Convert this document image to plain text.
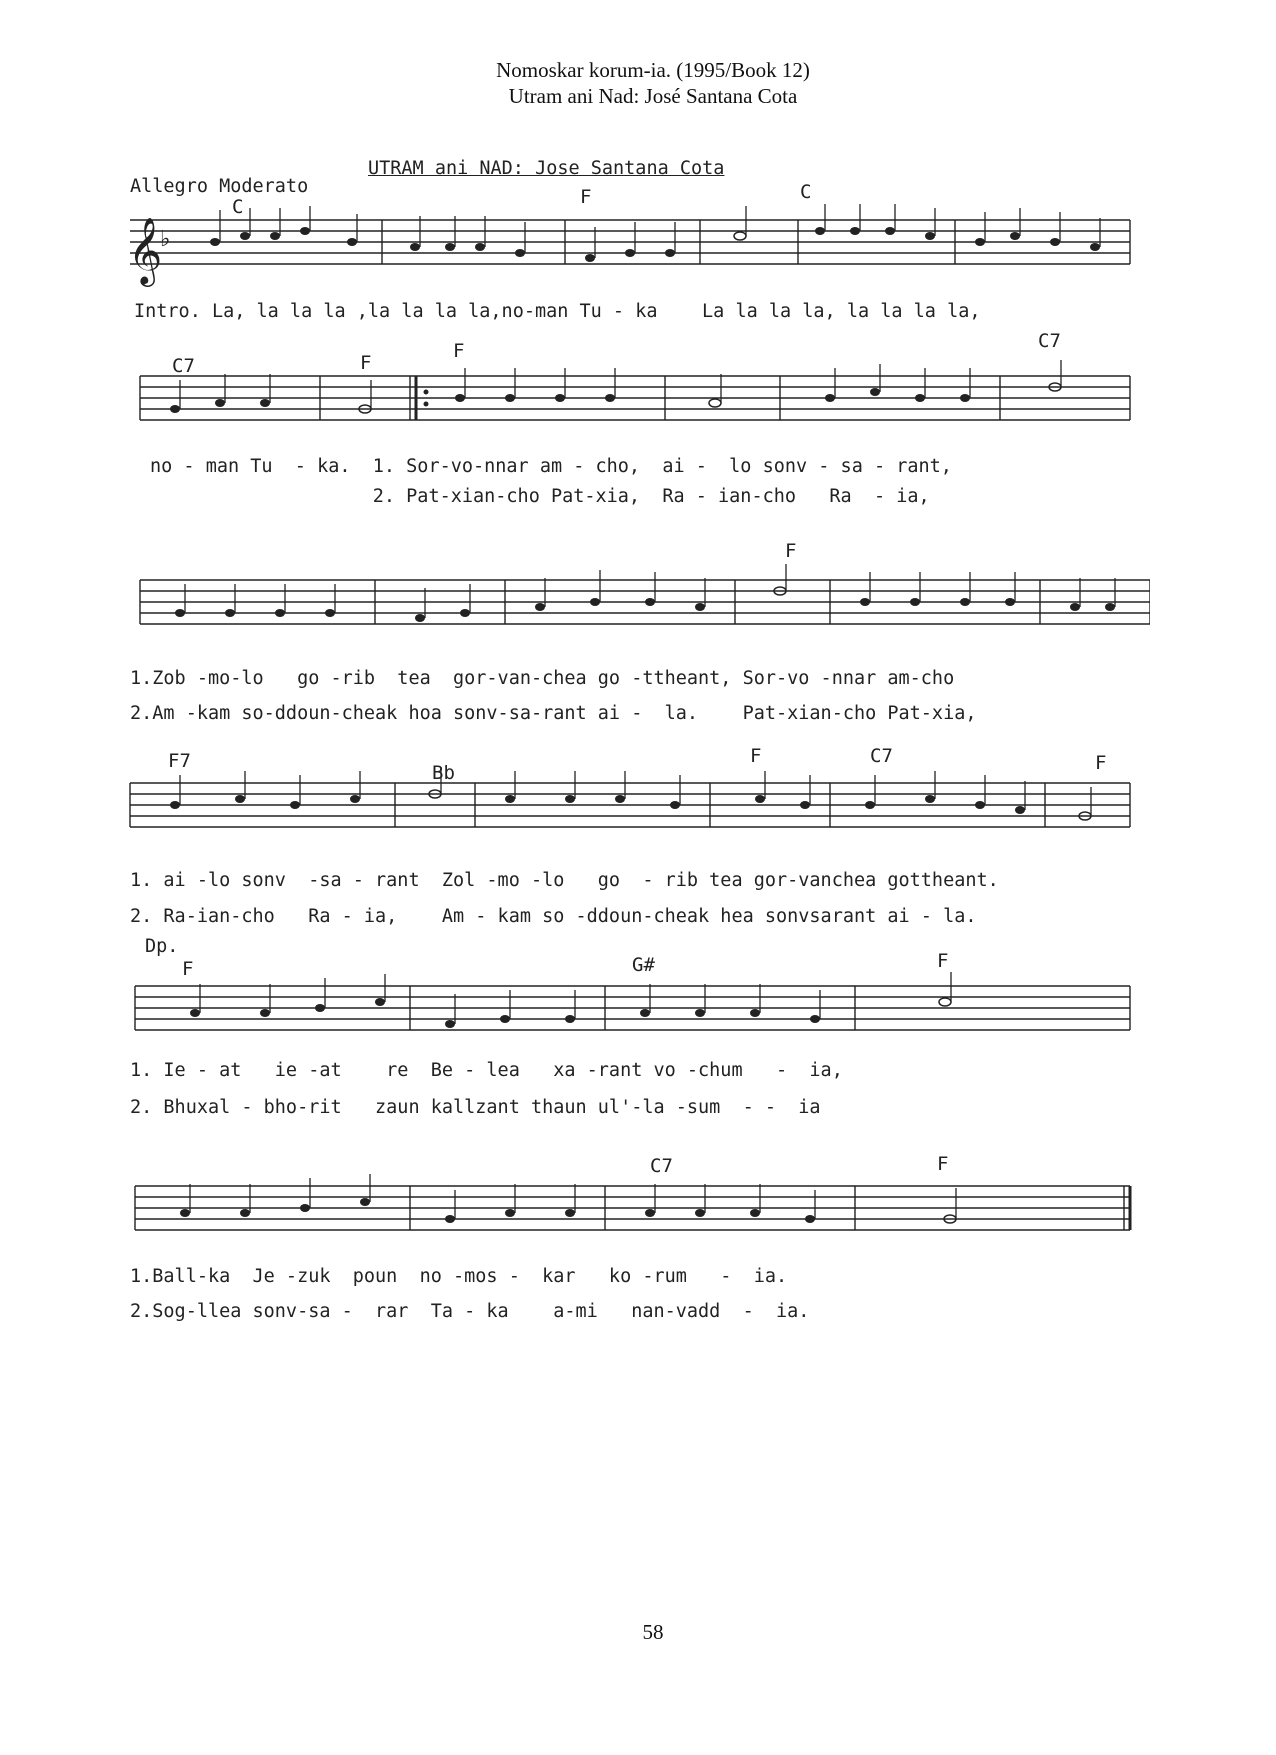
Nomoskar korum-ia. (1995/Book 12)
Utram ani Nad: José Santana Cota
Allegro Moderato
UTRAM ani NAD: Jose Santana Cota
C	F	C
𝄞
♭
Intro. La, la la la ,la la la la,no-man Tu - ka    La la la la, la la la la,
C7	F
F	C7
no - man Tu  - ka.  1. Sor-vo-nnar am - cho,  ai -  lo sonv - sa - rant,
2. Pat-xian-cho Pat-xia,  Ra - ian-cho   Ra  - ia,
F
1.Zob -mo-lo   go -rib  tea  gor-van-chea go -ttheant, Sor-vo -nnar am-cho
2.Am -kam so-ddoun-cheak hoa sonv-sa-rant ai -  la.    Pat-xian-cho Pat-xia,
F7
Bb
F	C7	F
1. ai -lo sonv  -sa - rant  Zol -mo -lo   go  - rib tea gor-vanchea gottheant.
2. Ra-ian-cho   Ra - ia,    Am - kam so -ddoun-cheak hea sonvsarant ai - la.
Dp.
F	G#	F
1. Ie - at   ie -at    re  Be - lea   xa -rant vo -chum   -  ia,
2. Bhuxal - bho-rit   zaun kallzant thaun ul'-la -sum  - -  ia
C7	F
1.Ball-ka  Je -zuk  poun  no -mos -  kar   ko -rum   -  ia.
2.Sog-llea sonv-sa -  rar  Ta - ka    a-mi   nan-vadd  -  ia.
58
